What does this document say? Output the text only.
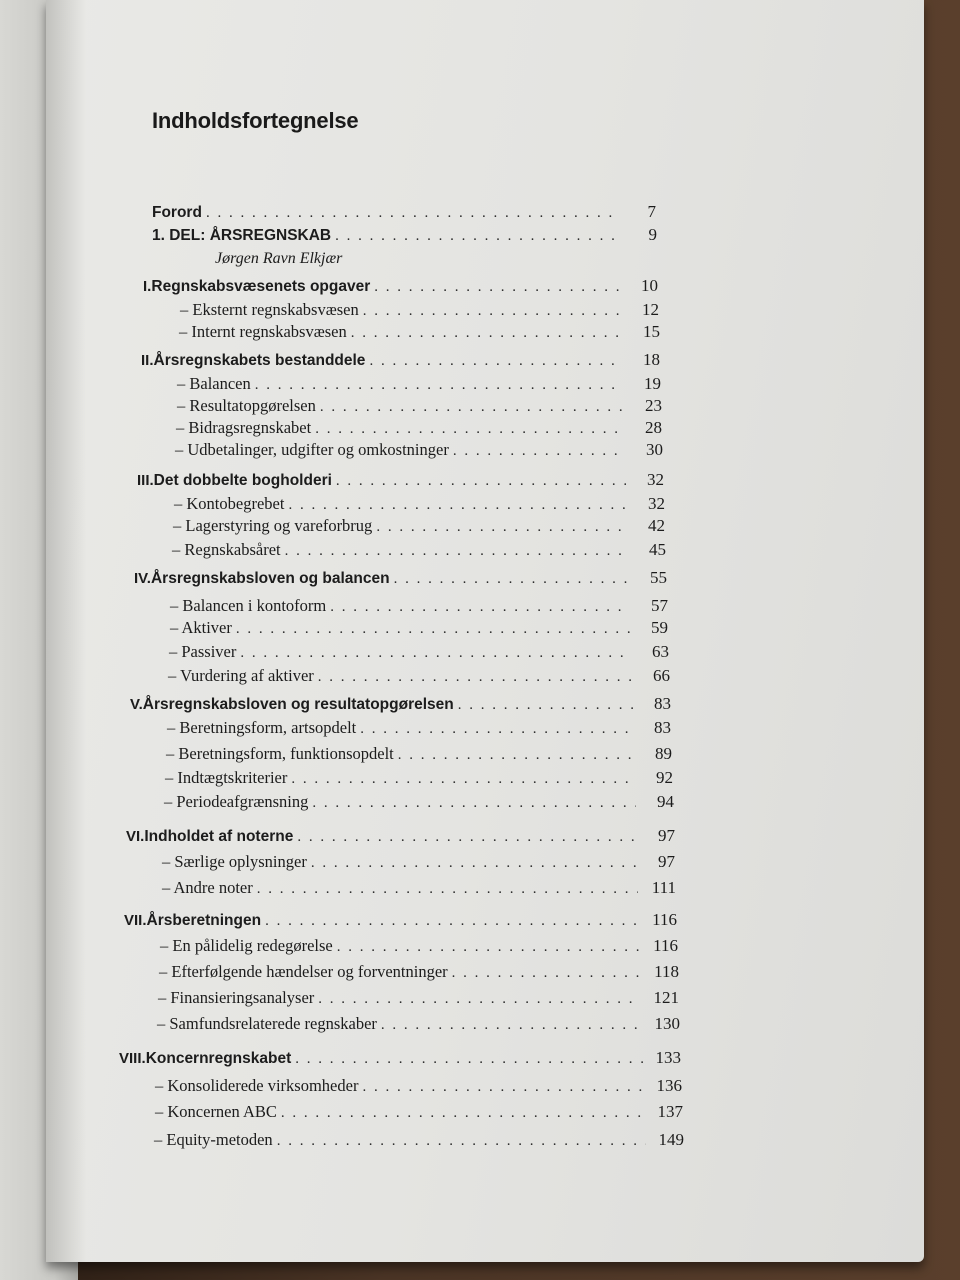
Indholdsfortegnelse
Jørgen Ravn Elkjær
Forord . . .	7
1. DEL: ÅRSREGNSKAB . . .	9
I. Regnskabsvæsenets opgaver . . .	10
– Eksternt regnskabsvæsen . . .	12
– Internt regnskabsvæsen . . .	15
II. Årsregnskabets bestanddele . . .	18
– Balancen . . .	19
– Resultatopgørelsen . . .	23
– Bidragsregnskabet . . .	28
– Udbetalinger, udgifter og omkostninger . . .	30
III. Det dobbelte bogholderi . . .	32
– Kontobegrebet . . .	32
– Lagerstyring og vareforbrug . . .	42
– Regnskabsåret . . .	45
IV. Årsregnskabsloven og balancen . . .	55
– Balancen i kontoform . . .	57
– Aktiver . . .	59
– Passiver . . .	63
– Vurdering af aktiver . . .	66
V. Årsregnskabsloven og resultatopgørelsen . . .	83
– Beretningsform, artsopdelt . . .	83
– Beretningsform, funktionsopdelt . . .	89
– Indtægtskriterier . . .	92
– Periodeafgrænsning . . .	94
VI. Indholdet af noterne . . .	97
– Særlige oplysninger . . .	97
– Andre noter . . .	111
VII. Årsberetningen . . .	116
– En pålidelig redegørelse . . .	116
– Efterfølgende hændelser og forventninger . . .	118
– Finansieringsanalyser . . .	121
– Samfundsrelaterede regnskaber . . .	130
VIII. Koncernregnskabet . . .	133
– Konsoliderede virksomheder . . .	136
– Koncernen ABC . . .	137
– Equity-metoden . . .	149
